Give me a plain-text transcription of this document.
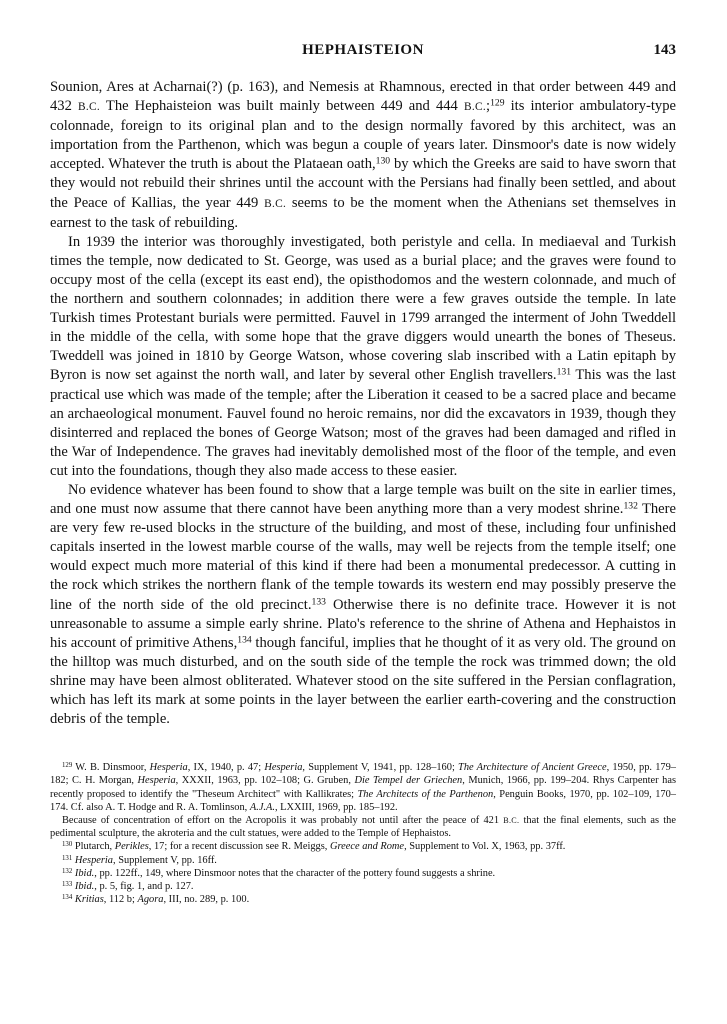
HEPHAISTEION	143

Sounion, Ares at Acharnai(?) (p. 163), and Nemesis at Rhamnous, erected in that order between 449 and 432 B.C. The Hephaisteion was built mainly between 449 and 444 B.C.;$^{129}$ its interior ambulatory-type colonnade, foreign to its original plan and to the design normally favored by this architect, was an importation from the Parthenon, which was begun a couple of years later. Dinsmoor's date is now widely accepted. Whatever the truth is about the Plataean oath,$^{130}$ by which the Greeks are said to have sworn that they would not rebuild their shrines until the account with the Persians had finally been settled, and about the Peace of Kallias, the year 449 B.C. seems to be the moment when the Athenians set themselves in earnest to the task of rebuilding.

In 1939 the interior was thoroughly investigated, both peristyle and cella. In mediaeval and Turkish times the temple, now dedicated to St. George, was used as a burial place; and the graves were found to occupy most of the cella (except its east end), the opisthodomos and the western colonnade, and much of the northern and southern colonnades; in addition there were a few graves outside the temple. In late Turkish times Protestant burials were permitted. Fauvel in 1799 arranged the interment of John Tweddell in the middle of the cella, with some hope that the grave diggers would unearth the bones of Theseus. Tweddell was joined in 1810 by George Watson, whose covering slab inscribed with a Latin epitaph by Byron is now set against the north wall, and later by several other English travellers.$^{131}$ This was the last practical use which was made of the temple; after the Liberation it ceased to be a sacred place and became an archaeological monument. Fauvel found no heroic remains, nor did the excavators in 1939, though they disinterred and replaced the bones of George Watson; most of the graves had been damaged and rifled in the War of Independence. The graves had inevitably demolished most of the floor of the temple, and even cut into the foundations, though they also made access to these easier.

No evidence whatever has been found to show that a large temple was built on the site in earlier times, and one must now assume that there cannot have been anything more than a very modest shrine.$^{132}$ There are very few re-used blocks in the structure of the building, and most of these, including four unfinished capitals inserted in the lowest marble course of the walls, may well be rejects from the temple itself; one would expect much more material of this kind if there had been a monumental predecessor. A cutting in the rock which strikes the northern flank of the temple towards its western end may possibly preserve the line of the north side of the old precinct.$^{133}$ Otherwise there is no definite trace. However it is not unreasonable to assume a simple early shrine. Plato's reference to the shrine of Athena and Hephaistos in his account of primitive Athens,$^{134}$ though fanciful, implies that he thought of it as very old. The ground on the hilltop was much disturbed, and on the south side of the temple the rock was trimmed down; the old shrine may have been almost obliterated. Whatever stood on the site suffered in the Persian conflagration, which has left its mark at some points in the layer between the earlier earth-covering and the construction debris of the temple.

$^{129}$ W. B. Dinsmoor, Hesperia, IX, 1940, p. 47; Hesperia, Supplement V, 1941, pp. 128–160; The Architecture of Ancient Greece, 1950, pp. 179–182; C. H. Morgan, Hesperia, XXXII, 1963, pp. 102–108; G. Gruben, Die Tempel der Griechen, Munich, 1966, pp. 199–204. Rhys Carpenter has recently proposed to identify the "Theseum Architect" with Kallikrates; The Architects of the Parthenon, Penguin Books, 1970, pp. 102–109, 170–174. Cf. also A. T. Hodge and R. A. Tomlinson, A.J.A., LXXIII, 1969, pp. 185–192.

Because of concentration of effort on the Acropolis it was probably not until after the peace of 421 B.C. that the final elements, such as the pedimental sculpture, the akroteria and the cult statues, were added to the Temple of Hephaistos.

$^{130}$ Plutarch, Perikles, 17; for a recent discussion see R. Meiggs, Greece and Rome, Supplement to Vol. X, 1963, pp. 37ff.

$^{131}$ Hesperia, Supplement V, pp. 16ff.

$^{132}$ Ibid., pp. 122ff., 149, where Dinsmoor notes that the character of the pottery found suggests a shrine.

$^{133}$ Ibid., p. 5, fig. 1, and p. 127.

$^{134}$ Kritias, 112 b; Agora, III, no. 289, p. 100.
